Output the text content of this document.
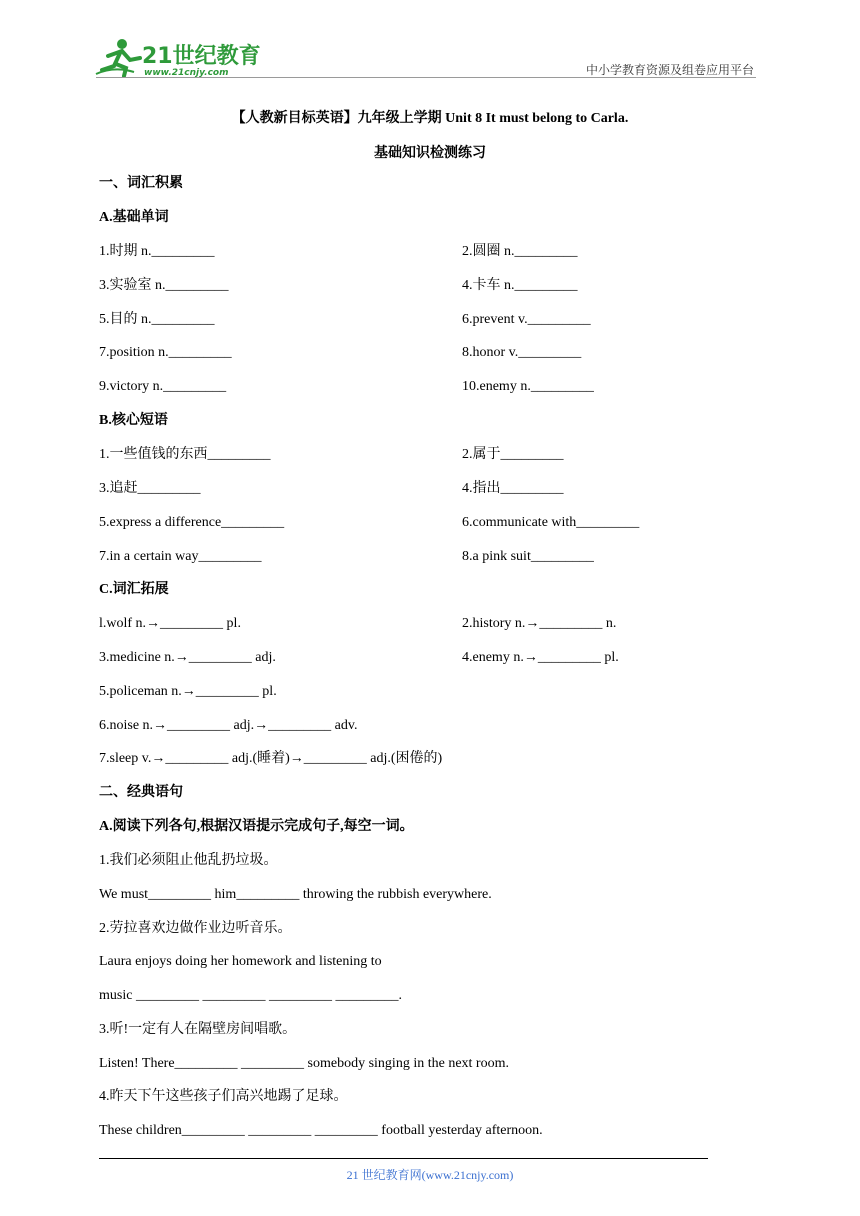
21世纪教育
www.21cnjy.com	中小学教育资源及组卷应用平台
【人教新目标英语】九年级上学期 Unit 8 It must belong to Carla.
基础知识检测练习
一、词汇积累
A.基础单词
1.时期 n._________	2.圆圈 n._________
3.实验室 n._________	4.卡车 n._________
5.目的 n._________	6.prevent v._________
7.position n._________	8.honor v._________
9.victory n._________	10.enemy n._________
B.核心短语
1.一些值钱的东西_________	2.属于_________
3.追赶_________	4.指出_________
5.express a difference_________	6.communicate with_________
7.in a certain way_________	8.a pink suit_________
C.词汇拓展
l.wolf n.→_________ pl.	2.history n.→_________ n.
3.medicine n.→_________ adj.	4.enemy n.→_________ pl.
5.policeman n.→_________ pl.
6.noise n.→_________ adj.→_________ adv.
7.sleep v.→_________ adj.(睡着)→_________ adj.(困倦的)
二、经典语句
A.阅读下列各句,根据汉语提示完成句子,每空一词。
1.我们必须阻止他乱扔垃圾。
We must_________ him_________ throwing the rubbish everywhere.
2.劳拉喜欢边做作业边听音乐。
Laura enjoys doing her homework and listening to
music _________ _________ _________ _________.
3.听!一定有人在隔壁房间唱歌。
Listen! There_________ _________ somebody singing in the next room.
4.昨天下午这些孩子们高兴地踢了足球。
These children_________ _________ _________ football yesterday afternoon.
21 世纪教育网(www.21cnjy.com)
